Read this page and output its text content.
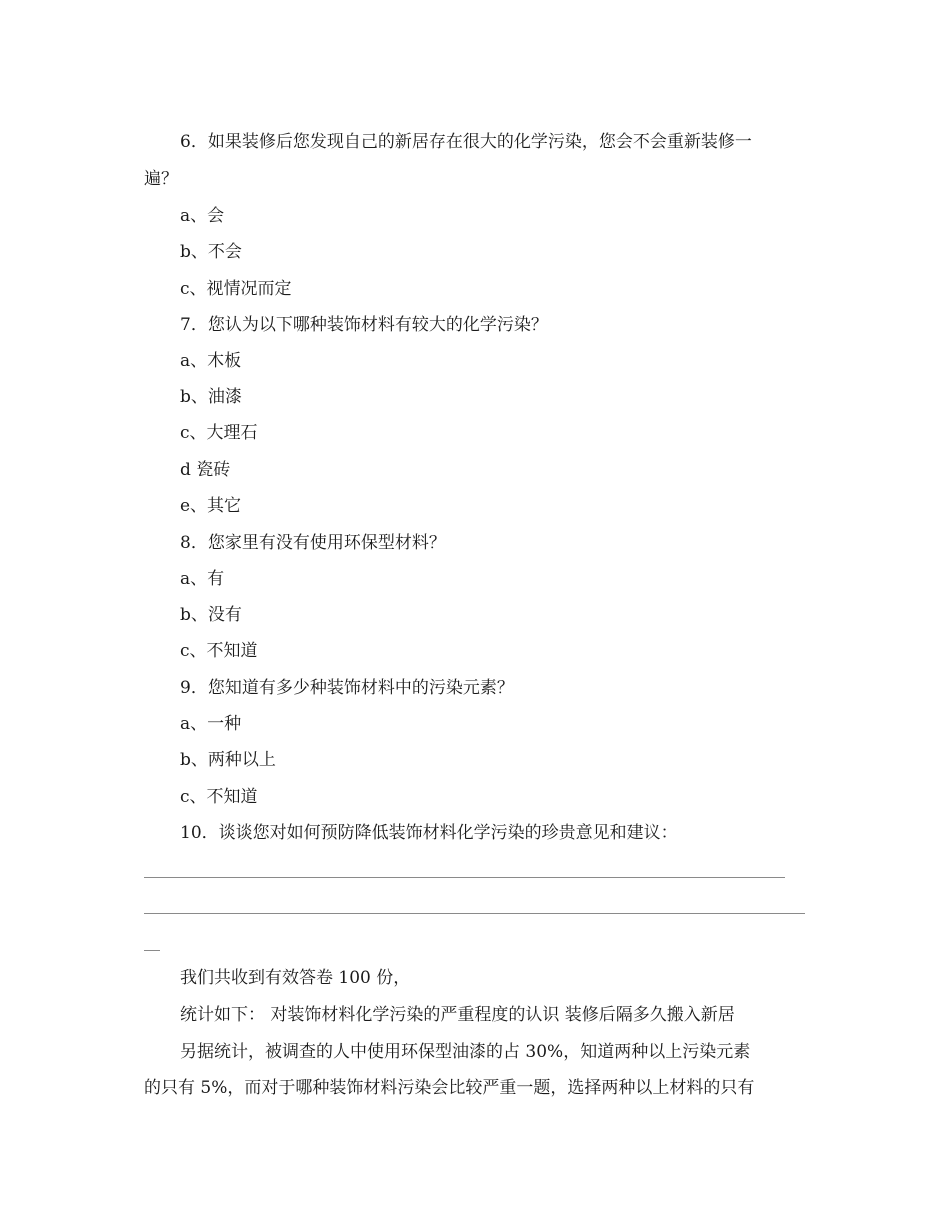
6．如果装修后您发现自己的新居存在很大的化学污染，您会不会重新装修一

遍？

a、会

b、不会

c、视情况而定

7．您认为以下哪种装饰材料有较大的化学污染？

a、木板

b、油漆

c、大理石

d 瓷砖

e、其它

8．您家里有没有使用环保型材料？

a、有

b、没有

c、不知道

9．您知道有多少种装饰材料中的污染元素？

a、一种

b、两种以上

c、不知道

10．谈谈您对如何预防降低装饰材料化学污染的珍贵意见和建议：

我们共收到有效答卷 100 份，

统计如下： 对装饰材料化学污染的严重程度的认识 装修后隔多久搬入新居

另据统计，被调查的人中使用环保型油漆的占 30%，知道两种以上污染元素

的只有 5%，而对于哪种装饰材料污染会比较严重一题，选择两种以上材料的只有
